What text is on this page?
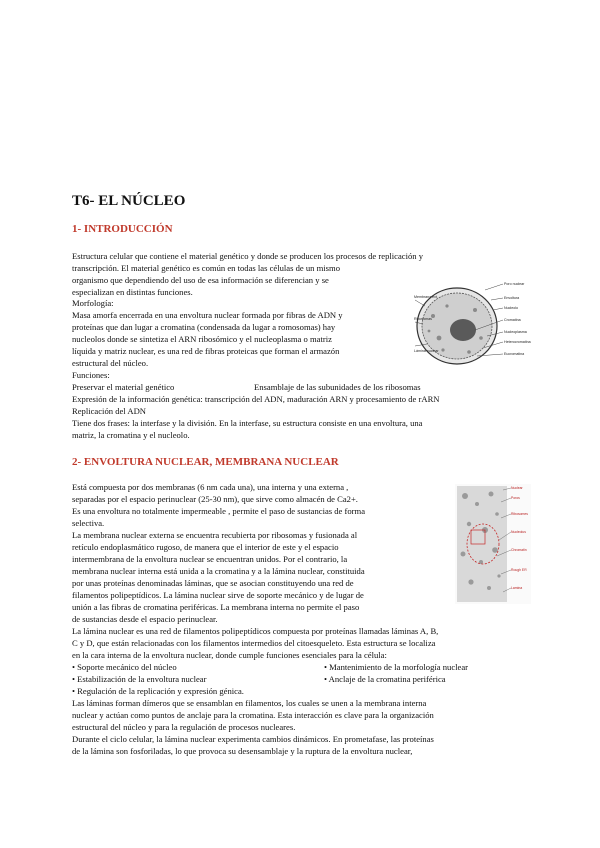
T6- EL NÚCLEO
1- INTRODUCCIÓN
Estructura celular que contiene el material genético y donde se producen los procesos de replicación y
transcripción. El material genético es común en todas las células de un mismo
organismo que dependiendo del uso de esa información se diferencian y se
especializan en distintas funciones.
Morfología:
Masa amorfa encerrada en una envoltura nuclear formada por fibras de ADN y
proteínas que dan lugar a cromatina (condensada da lugar a romosomas) hay
nucleolos donde se sintetiza el ARN ribosómico y el nucleoplasma o matriz
líquida y matriz nuclear, es una red de fibras proteicas que forman el armazón
estructural del núcleo.
Funciones:
Preservar el material genético	Ensamblaje de las subunidades de los ribosomas
Expresión de la información genética: transcripción del ADN, maduración ARN y procesamiento de rARN
Replicación del ADN
Tiene dos frases: la interfase y la división. En la interfase, su estructura consiste en una envoltura, una
matriz, la cromatina y el nucleolo.
Poro nuclear
Envoltura
Nucleolo
Cromatina
Nucleoplasma
Heterocromatina
Eucromatina
Membrana ext.
Ribosomas
Lámina nuclear
2- ENVOLTURA NUCLEAR, MEMBRANA NUCLEAR
Está compuesta por dos membranas (6 nm cada una), una interna y una externa ,
separadas por el espacio perinuclear (25-30 nm), que sirve como almacén de Ca2+.
Es una envoltura no totalmente impermeable , permite el paso de sustancias de forma
selectiva.
La membrana nuclear externa se encuentra recubierta por ribosomas y fusionada al
retículo endoplasmático rugoso, de manera que el interior de este y el espacio
intermembrana de la envoltura nuclear se encuentran unidos. Por el contrario, la
membrana nuclear interna está unida a la cromatina y a la lámina nuclear, constituida
por unas proteínas denominadas láminas, que se asocian constituyendo una red de
filamentos polipeptídicos. La lámina nuclear sirve de soporte mecánico y de lugar de
unión a las fibras de cromatina periféricas. La membrana interna no permite el paso
de sustancias desde el espacio perinuclear.
La lámina nuclear es una red de filamentos polipeptídicos compuesta por proteínas llamadas láminas A, B,
C y D, que están relacionadas con los filamentos intermedios del citoesqueleto. Esta estructura se localiza
en la cara interna de la envoltura nuclear, donde cumple funciones esenciales para la célula:
• Soporte mecánico del núcleo	• Mantenimiento de la morfología nuclear
• Estabilización de la envoltura nuclear	• Anclaje de la cromatina periférica
• Regulación de la replicación y expresión génica.
Las láminas forman dímeros que se ensamblan en filamentos, los cuales se unen a la membrana interna
nuclear y actúan como puntos de anclaje para la cromatina. Esta interacción es clave para la organización
estructural del núcleo y para la regulación de procesos nucleares.
Durante el ciclo celular, la lámina nuclear experimenta cambios dinámicos. En prometafase, las proteínas
de la lámina son fosforiladas, lo que provoca su desensamblaje y la ruptura de la envoltura nuclear,
Nuclear
Poros
Ribosomes
Nucleolus
Chromatin
Rough ER
Lamina
